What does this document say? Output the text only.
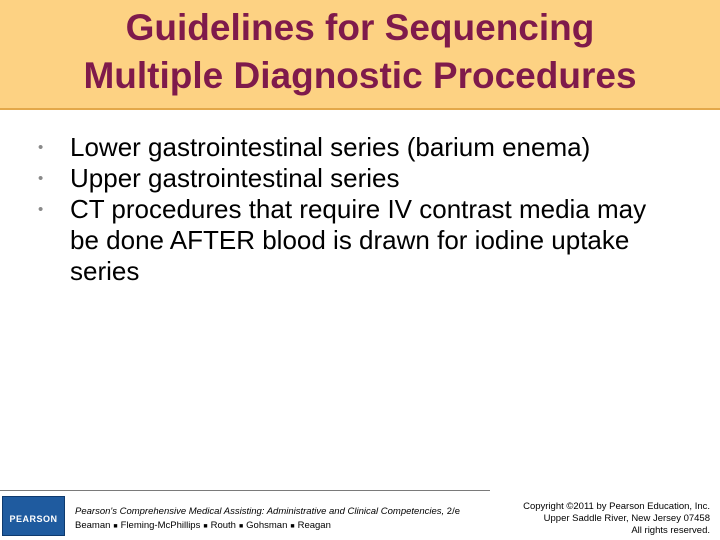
Guidelines for Sequencing
Multiple Diagnostic Procedures
• Lower gastrointestinal series (barium enema)
• Upper gastrointestinal series
• CT procedures that require IV contrast media may be done AFTER blood is drawn for iodine uptake series
PEARSON
Pearson's Comprehensive Medical Assisting: Administrative and Clinical Competencies, 2/e
Beaman ■ Fleming-McPhillips ■ Routh ■ Gohsman ■ Reagan
Copyright ©2011 by Pearson Education, Inc.
Upper Saddle River, New Jersey 07458
All rights reserved.
